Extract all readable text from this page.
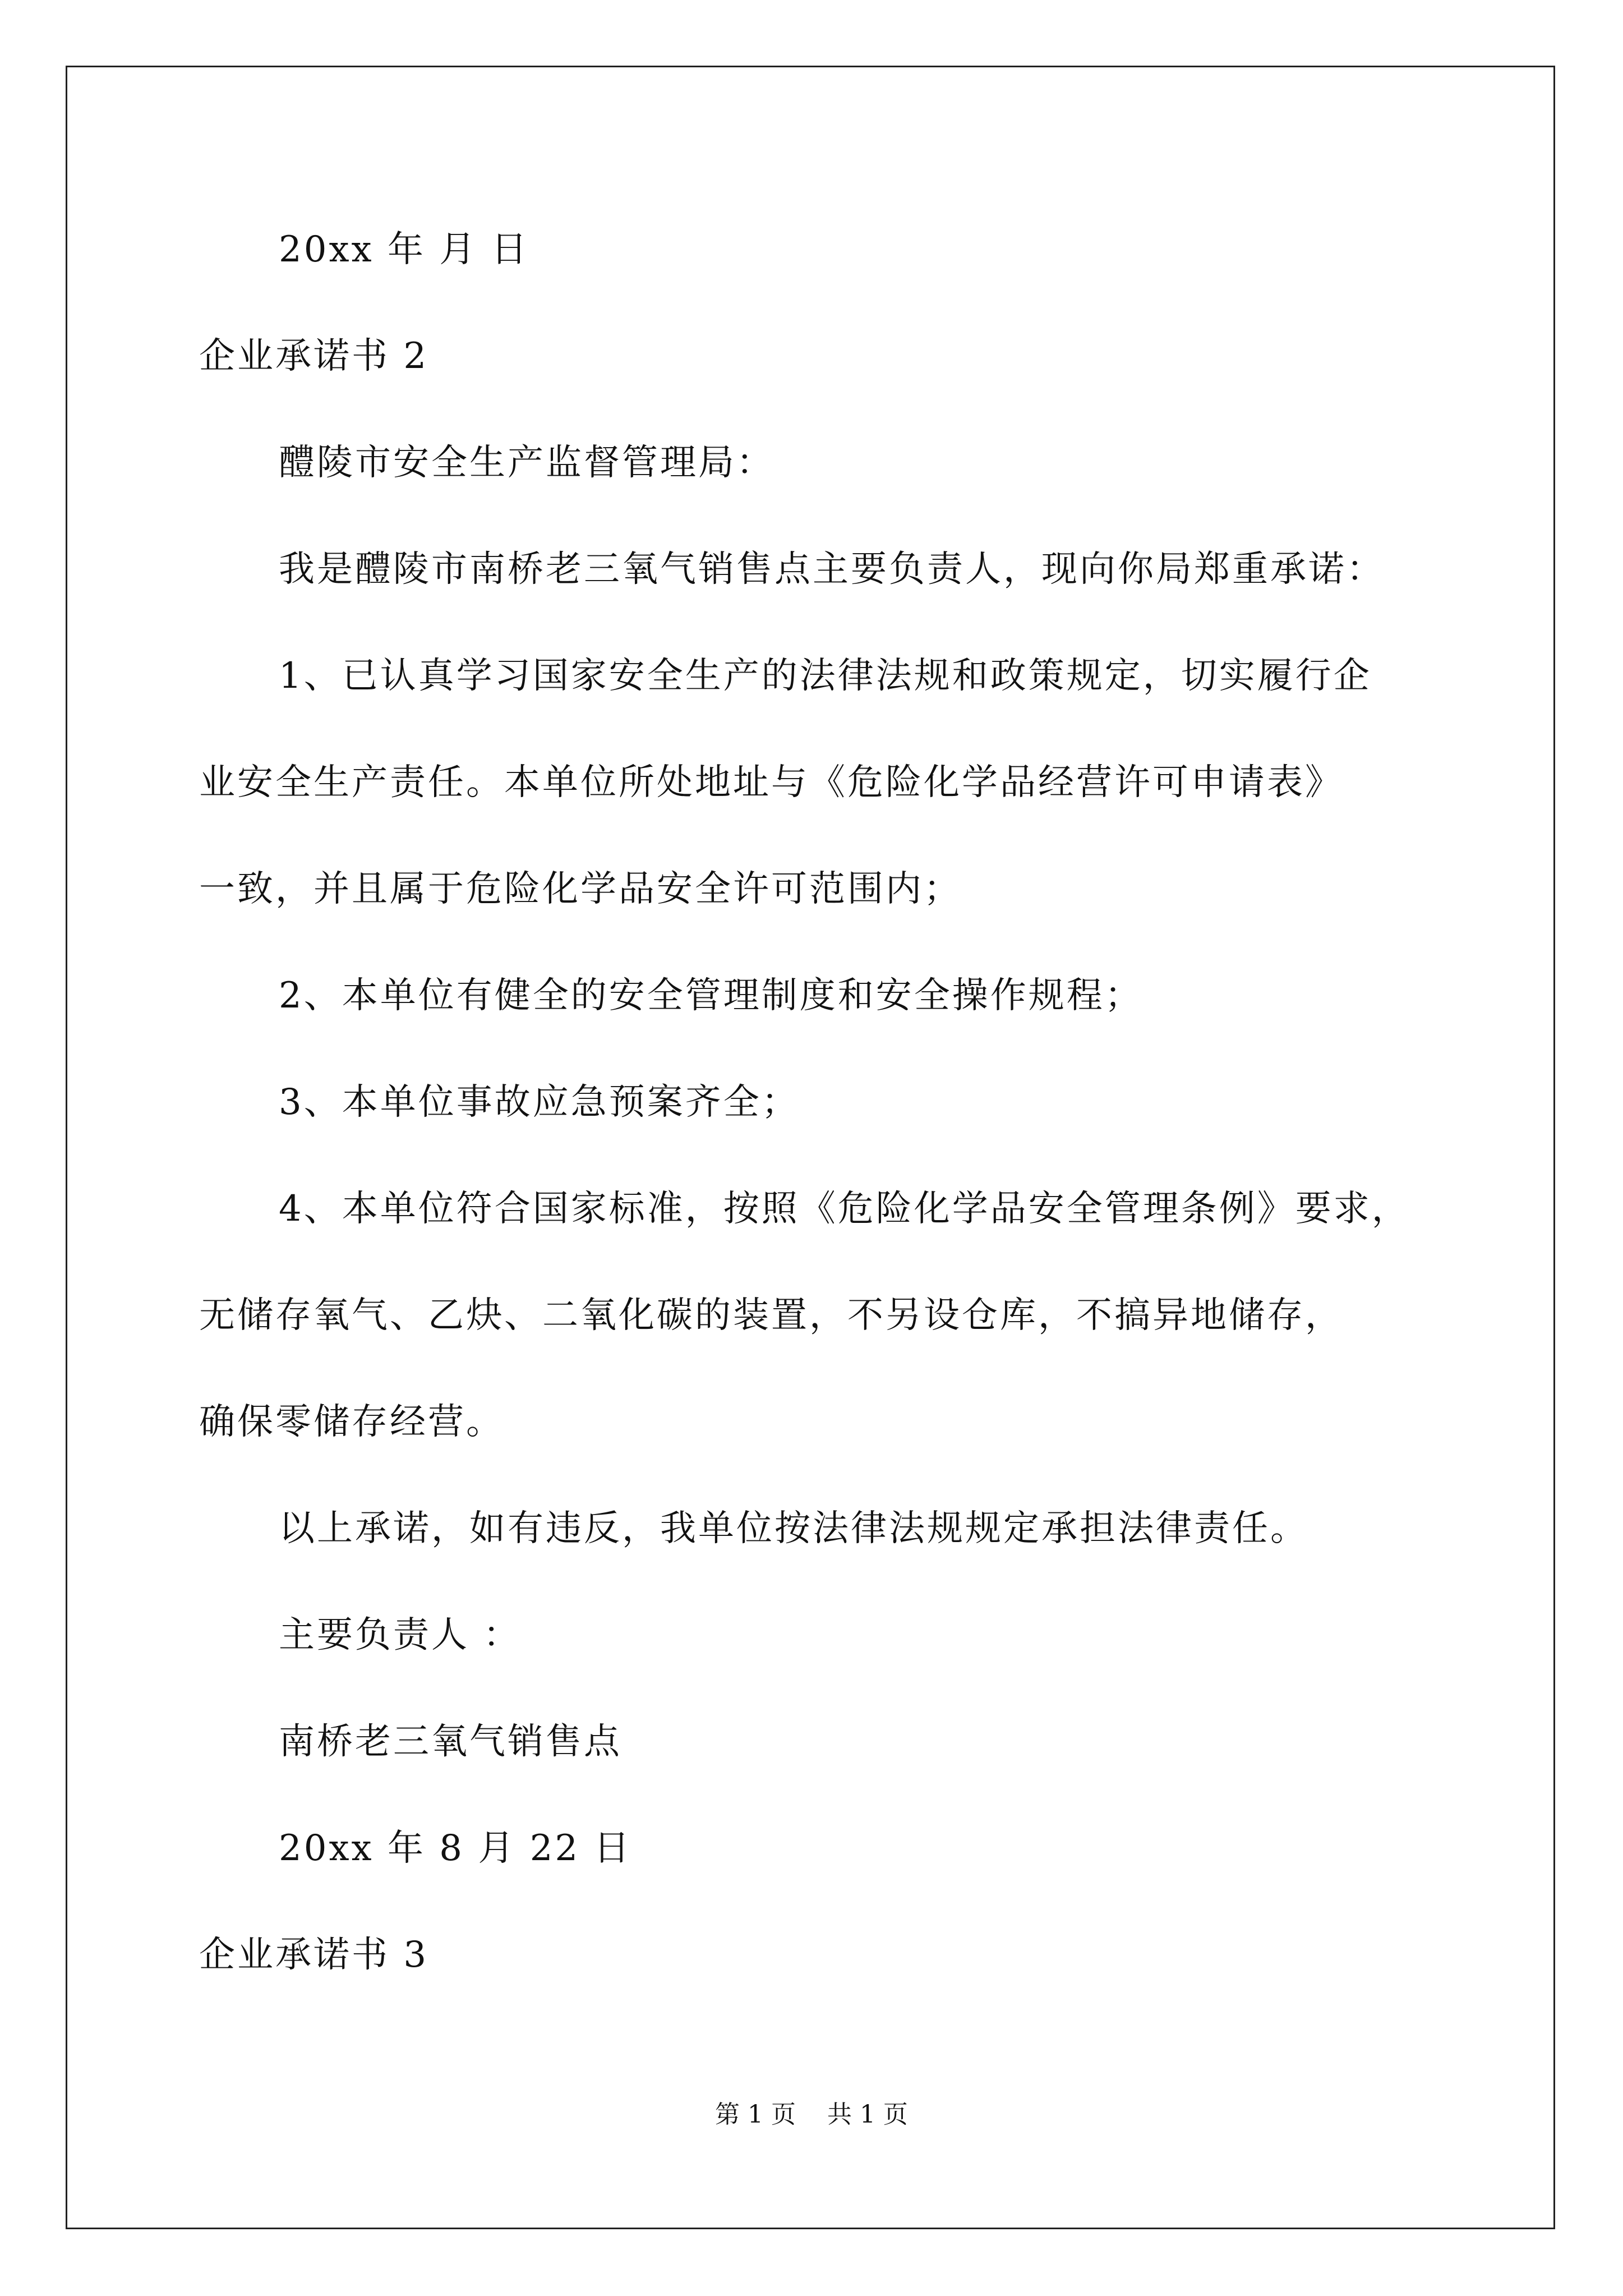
20xx 年 月 日
企业承诺书 2
醴陵市安全生产监督管理局：
我是醴陵市南桥老三氧气销售点主要负责人，现向你局郑重承诺：
1、已认真学习国家安全生产的法律法规和政策规定，切实履行企
业安全生产责任。本单位所处地址与《危险化学品经营许可申请表》
一致，并且属于危险化学品安全许可范围内；
2、本单位有健全的安全管理制度和安全操作规程；
3、本单位事故应急预案齐全；
4、本单位符合国家标准，按照《危险化学品安全管理条例》要求，
无储存氧气、乙炔、二氧化碳的装置，不另设仓库，不搞异地储存，
确保零储存经营。
以上承诺，如有违反，我单位按法律法规规定承担法律责任。
主要负责人 ：
南桥老三氧气销售点
20xx 年 8 月 22 日
企业承诺书 3
第 1 页    共 1 页
